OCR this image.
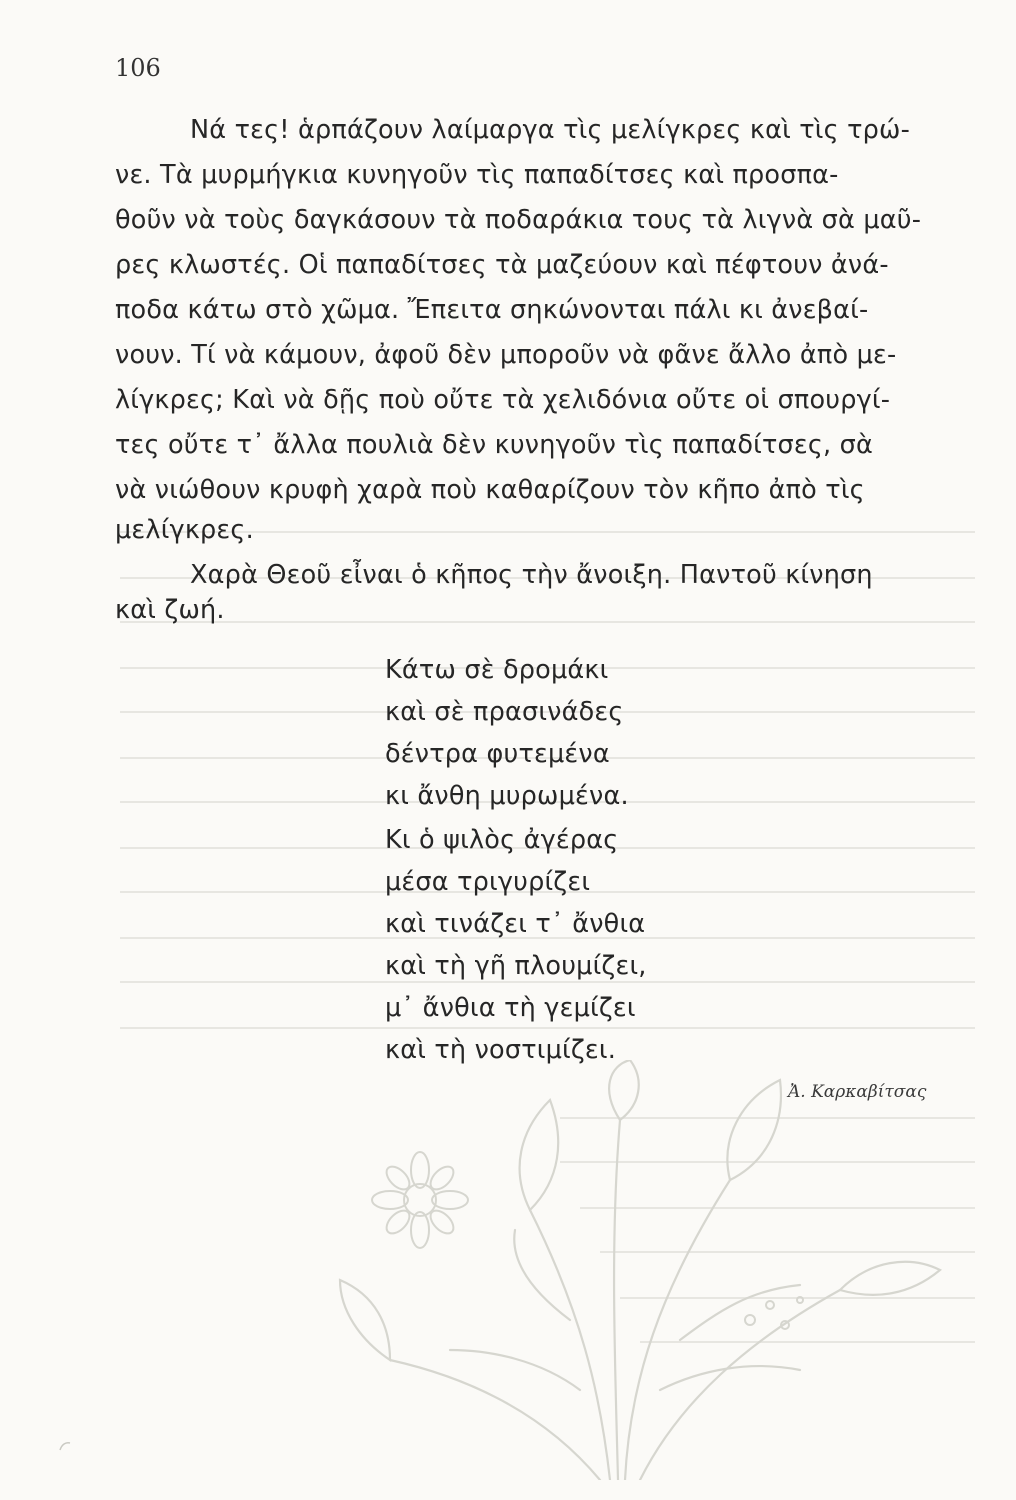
106
Νά τες! ἁρπάζουν λαίμαργα τὶς μελίγκρες καὶ τὶς τρώ-
νε. Τὰ μυρμήγκια κυνηγοῦν τὶς παπαδίτσες καὶ προσπα-
θοῦν νὰ τοὺς δαγκάσουν τὰ ποδαράκια τους τὰ λιγνὰ σὰ μαῦ-
ρες κλωστές. Οἱ παπαδίτσες τὰ μαζεύουν καὶ πέφτουν ἀνά-
ποδα κάτω στὸ χῶμα. Ἔπειτα σηκώνονται πάλι κι ἀνεβαί-
νουν. Τί νὰ κάμουν, ἀφοῦ δὲν μποροῦν νὰ φᾶνε ἄλλο ἀπὸ με-
λίγκρες; Καὶ νὰ δῇς ποὺ οὔτε τὰ χελιδόνια οὔτε οἱ σπουργί-
τες οὔτε τ᾽ ἄλλα πουλιὰ δὲν κυνηγοῦν τὶς παπαδίτσες, σὰ
νὰ νιώθουν κρυφὴ χαρὰ ποὺ καθαρίζουν τὸν κῆπο ἀπὸ τὶς
μελίγκρες.
Χαρὰ Θεοῦ εἶναι ὁ κῆπος τὴν ἄνοιξη. Παντοῦ κίνηση
καὶ ζωή.
Κάτω σὲ δρομάκι
καὶ σὲ πρασινάδες
δέντρα φυτεμένα
κι ἄνθη μυρωμένα.
Κι ὁ ψιλὸς ἀγέρας
μέσα τριγυρίζει
καὶ τινάζει τ᾽ ἄνθια
καὶ τὴ γῆ πλουμίζει,
μ᾽ ἄνθια τὴ γεμίζει
καὶ τὴ νοστιμίζει.
Ἀ. Καρκαβίτσας
